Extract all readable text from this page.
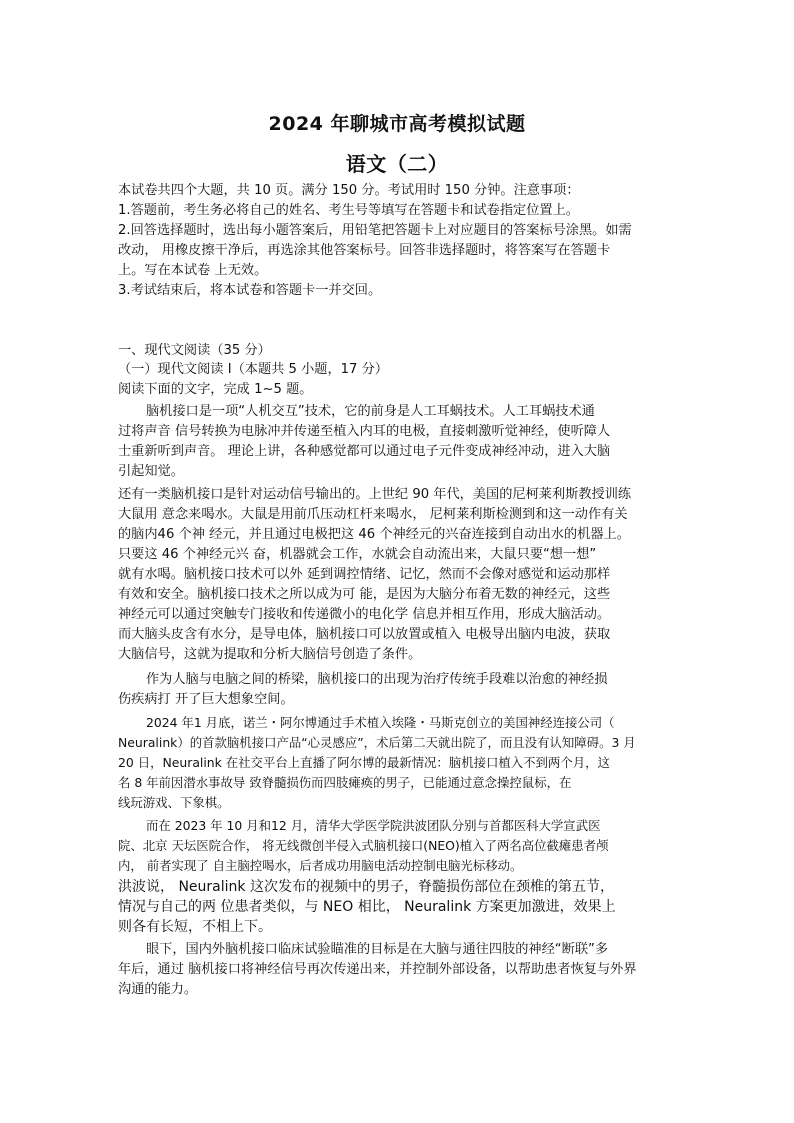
2024 年聊城市高考模拟试题
语文（二）
本试卷共四个大题，共 10 页。满分 150 分。考试用时 150 分钟。注意事项：
1.答题前，考生务必将自己的姓名、考生号等填写在答题卡和试卷指定位置上。
2.回答选择题时，选出每小题答案后，用铅笔把答题卡上对应题目的答案标号涂黑。如需
改动， 用橡皮擦干净后，再选涂其他答案标号。回答非选择题时，将答案写在答题卡
上。写在本试卷 上无效。
3.考试结束后，将本试卷和答题卡一并交回。
一、现代文阅读（35 分）
（一）现代文阅读 I（本题共 5 小题，17 分）
阅读下面的文字，完成 1~5 题。
脑机接口是一项“人机交互”技术，它的前身是人工耳蜗技术。人工耳蜗技术通
过将声音 信号转换为电脉冲并传递至植入内耳的电极，直接刺激听觉神经，使听障人
士重新听到声音。 理论上讲，各种感觉都可以通过电子元件变成神经冲动，进入大脑
引起知觉。
还有一类脑机接口是针对运动信号输出的。上世纪 90 年代，美国的尼柯莱利斯教授训练
大鼠用 意念来喝水。大鼠是用前爪压动杠杆来喝水， 尼柯莱利斯检测到和这一动作有关
的脑内46 个神 经元，并且通过电极把这 46 个神经元的兴奋连接到自动出水的机器上。
只要这 46 个神经元兴 奋，机器就会工作，水就会自动流出来，大鼠只要“想一想”
就有水喝。脑机接口技术可以外 延到调控情绪、记忆，然而不会像对感觉和运动那样
有效和安全。脑机接口技术之所以成为可 能，是因为大脑分布着无数的神经元，这些
神经元可以通过突触专门接收和传递微小的电化学 信息并相互作用，形成大脑活动。
而大脑头皮含有水分，是导电体，脑机接口可以放置或植入 电极导出脑内电波，获取
大脑信号，这就为提取和分析大脑信号创造了条件。
作为人脑与电脑之间的桥梁，脑机接口的出现为治疗传统手段难以治愈的神经损
伤疾病打 开了巨大想象空间。
2024 年1 月底，诺兰・阿尔博通过手术植入埃隆・马斯克创立的美国神经连接公司（
Neuralink）的首款脑机接口产品“心灵感应”，术后第二天就出院了，而且没有认知障碍。3 月
20 日，Neuralink 在社交平台上直播了阿尔博的最新情况：脑机接口植入不到两个月，这
名 8 年前因潜水事故导 致脊髓损伤而四肢瘫痪的男子，已能通过意念操控鼠标，在
线玩游戏、下象棋。
而在 2023 年 10 月和12 月，清华大学医学院洪波团队分别与首都医科大学宣武医
院、北京 天坛医院合作， 将无线微创半侵入式脑机接口(NEO)植入了两名高位截瘫患者颅
内， 前者实现了 自主脑控喝水，后者成功用脑电活动控制电脑光标移动。
洪波说， Neuralink 这次发布的视频中的男子，脊髓损伤部位在颈椎的第五节，
情况与自己的两 位患者类似，与 NEO 相比， Neuralink 方案更加激进，效果上
则各有长短，不相上下。
眼下，国内外脑机接口临床试验瞄准的目标是在大脑与通往四肢的神经“断联”多
年后，通过 脑机接口将神经信号再次传递出来，并控制外部设备，以帮助患者恢复与外界
沟通的能力。
